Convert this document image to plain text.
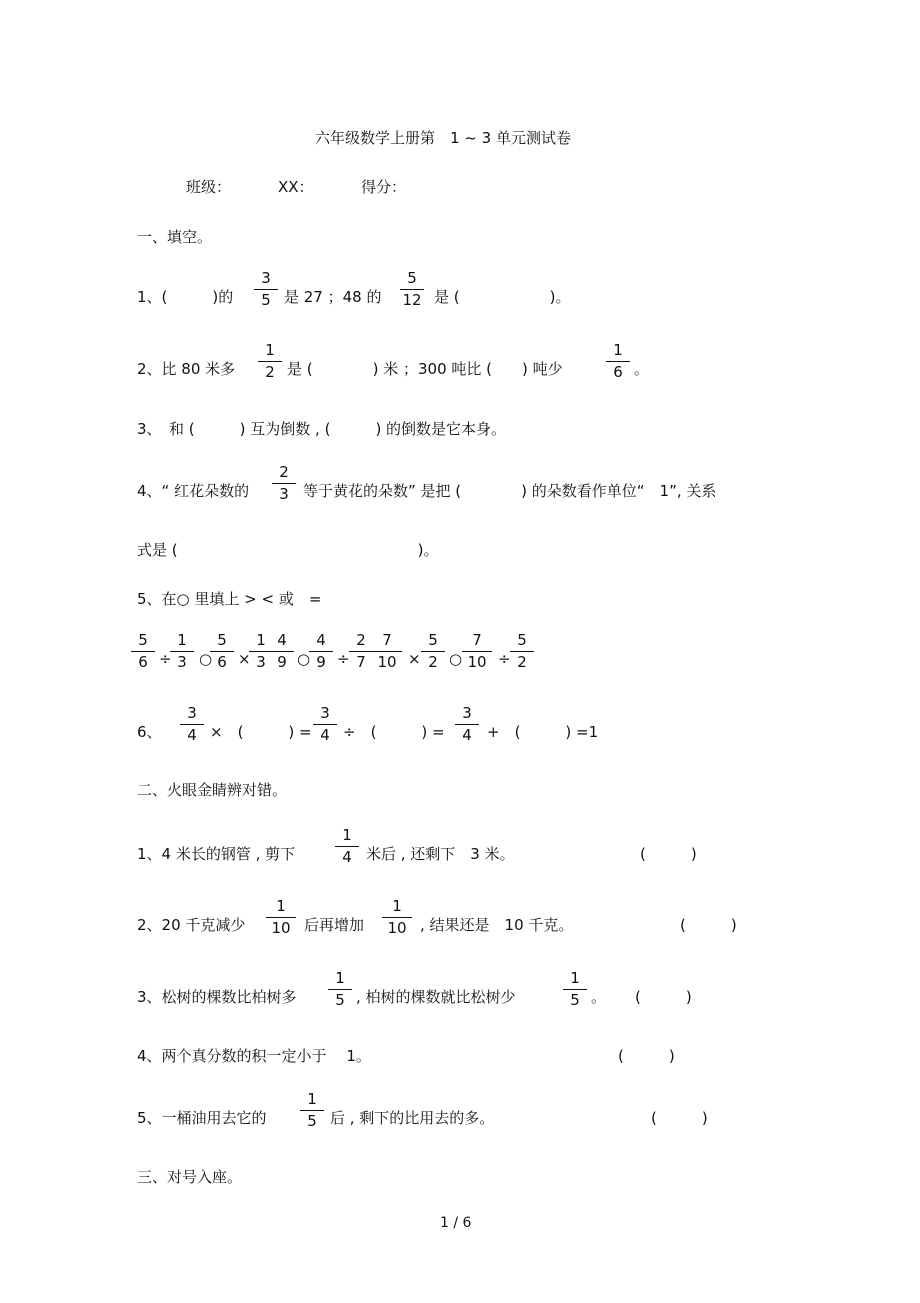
六年级数学上册第　1 ~ 3 单元测试卷
班级：	XX：	得分：
一、填空。
1、(　　　)的
3
5 是 27 ；48 的
5
12 是 (　　　　　　)。
2、比 80 米多
1
2 是 (　　　　) 米 ；300 吨比 (　　) 吨少
1
6 。
3、　和 (　　　) 互为倒数 , (　　　) 的倒数是它本身。
4、“ 红花朵数的
2
3 等于黄花的朵数” 是把 (　　　　) 的朵数看作单位“　1”, 关系
式是 (　　　　　　　　　　　　　　　　)。
5、在○ 里填上 > < 或　=
5
6 ÷
1
3 ○
5
6 ×
1
3
4
9 ○
4
9 ÷
2
7
7
10 ×
5
2 ○
7
10 ÷
5
2
6、
3
4 ×　(　　　) =
3
4 ÷　(　　　) =
3
4	+　(　　　) =1
二、火眼金睛辨对错。
1、4 米长的钢管 , 剪下
1
4 米后 , 还剩下　3 米。	(　　　)
2、20 千克减少
1
10 后再增加
1
10 , 结果还是　10 千克。	(　　　)
3、松树的棵数比柏树多
1
5 , 柏树的棵数就比松树少
1
5 。 (　　　)
4、两个真分数的积一定小于　 1。	(　　　)
5、一桶油用去它的
1
5 后 , 剩下的比用去的多。	(　　　)
三、对号入座。
1 / 6
